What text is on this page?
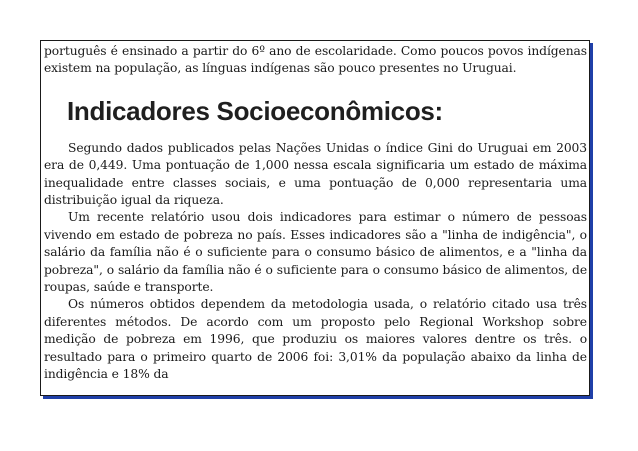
português é ensinado a partir do 6º ano de escolaridade. Como poucos povos indígenas existem na população, as línguas indígenas são pouco presentes no Uruguai.

Indicadores Socioeconômicos:

Segundo dados publicados pelas Nações Unidas o índice Gini do Uruguai em 2003 era de 0,449. Uma pontuação de 1,000 nessa escala significaria um estado de máxima inequalidade entre classes sociais, e uma pontuação de 0,000 representaria uma distribuição igual da riqueza.

Um recente relatório usou dois indicadores para estimar o número de pessoas vivendo em estado de pobreza no país. Esses indicadores são a "linha de indigência", o salário da família não é o suficiente para o consumo básico de alimentos, e a "linha da pobreza", o salário da família não é o suficiente para o consumo básico de alimentos, de roupas, saúde e transporte.

Os números obtidos dependem da metodologia usada, o relatório citado usa três diferentes métodos. De acordo com um proposto pelo Regional Workshop sobre medição de pobreza em 1996, que produziu os maiores valores dentre os três. o resultado para o primeiro quarto de 2006 foi: 3,01% da população abaixo da linha de indigência e 18% da
